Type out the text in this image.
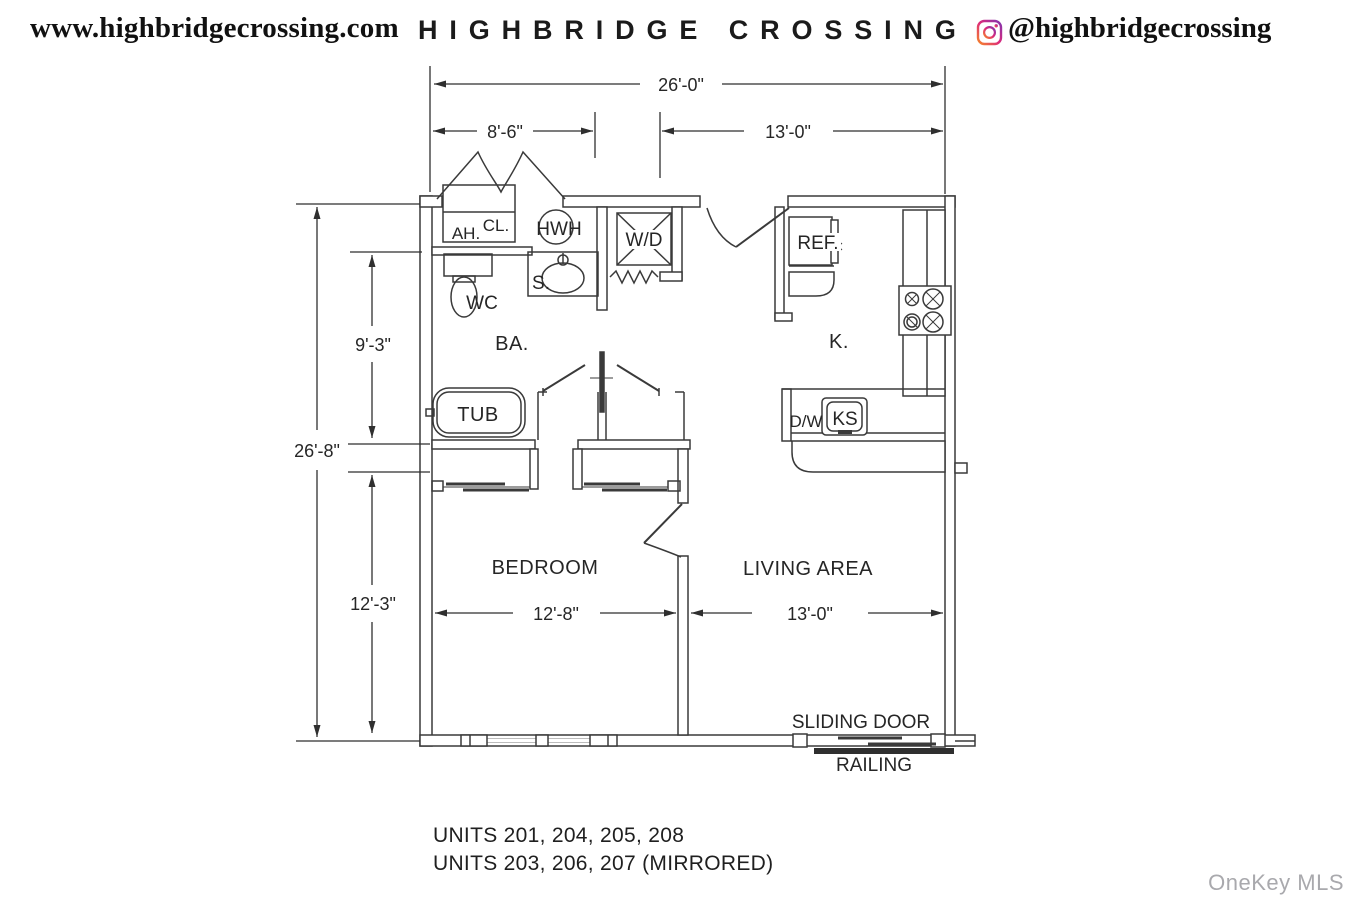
www.highbridgecrossing.com HIGHBRIDGE CROSSING @highbridgecrossing
26'-0"
8'-6"	13'-0"
26'-8"
9'-3"
12'-3"	12'-8"	13'-0"
AH. CL. HWH
W/D
WC
S.
TUB
REF.
D/W KS
BA.	K.
BEDROOM	LIVING AREA
SLIDING DOOR
RAILING
UNITS 201, 204, 205, 208
UNITS 203, 206, 207 (MIRRORED)
OneKey MLS
